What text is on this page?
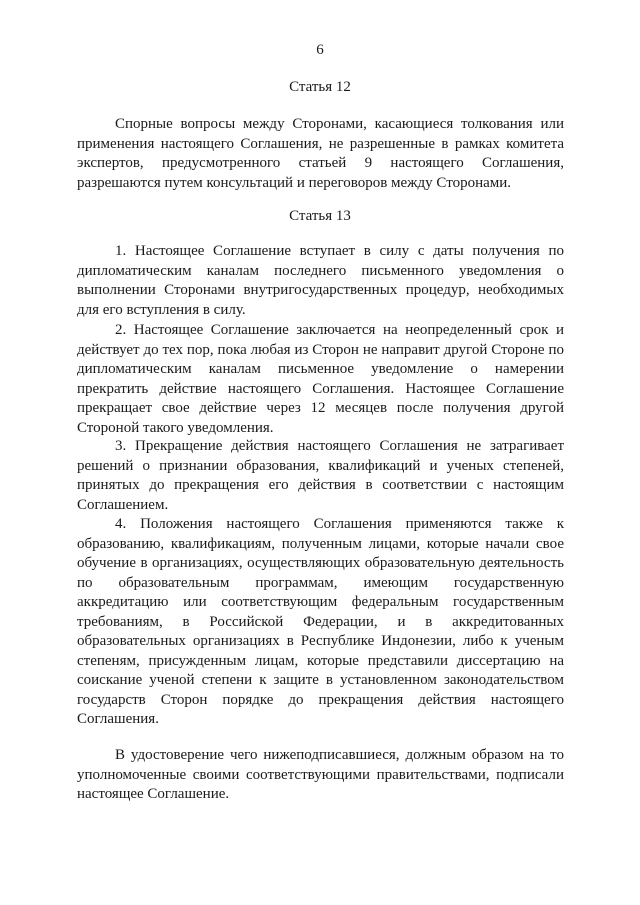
6
Статья 12
Спорные вопросы между Сторонами, касающиеся толкования или применения настоящего Соглашения, не разрешенные в рамках комитета экспертов, предусмотренного статьей 9 настоящего Соглашения, разрешаются путем консультаций и переговоров между Сторонами.
Статья 13
1. Настоящее Соглашение вступает в силу с даты получения по дипломатическим каналам последнего письменного уведомления о выполнении Сторонами внутригосударственных процедур, необходимых для его вступления в силу.
2. Настоящее Соглашение заключается на неопределенный срок и действует до тех пор, пока любая из Сторон не направит другой Стороне по дипломатическим каналам письменное уведомление о намерении прекратить действие настоящего Соглашения. Настоящее Соглашение прекращает свое действие через 12 месяцев после получения другой Стороной такого уведомления.
3. Прекращение действия настоящего Соглашения не затрагивает решений о признании образования, квалификаций и ученых степеней, принятых до прекращения его действия в соответствии с настоящим Соглашением.
4. Положения настоящего Соглашения применяются также к образованию, квалификациям, полученным лицами, которые начали свое обучение в организациях, осуществляющих образовательную деятельность по образовательным программам, имеющим государственную аккредитацию или соответствующим федеральным государственным требованиям, в Российской Федерации, и в аккредитованных образовательных организациях в Республике Индонезии, либо к ученым степеням, присужденным лицам, которые представили диссертацию на соискание ученой степени к защите в установленном законодательством государств Сторон порядке до прекращения действия настоящего Соглашения.
В удостоверение чего нижеподписавшиеся, должным образом на то уполномоченные своими соответствующими правительствами, подписали настоящее Соглашение.
